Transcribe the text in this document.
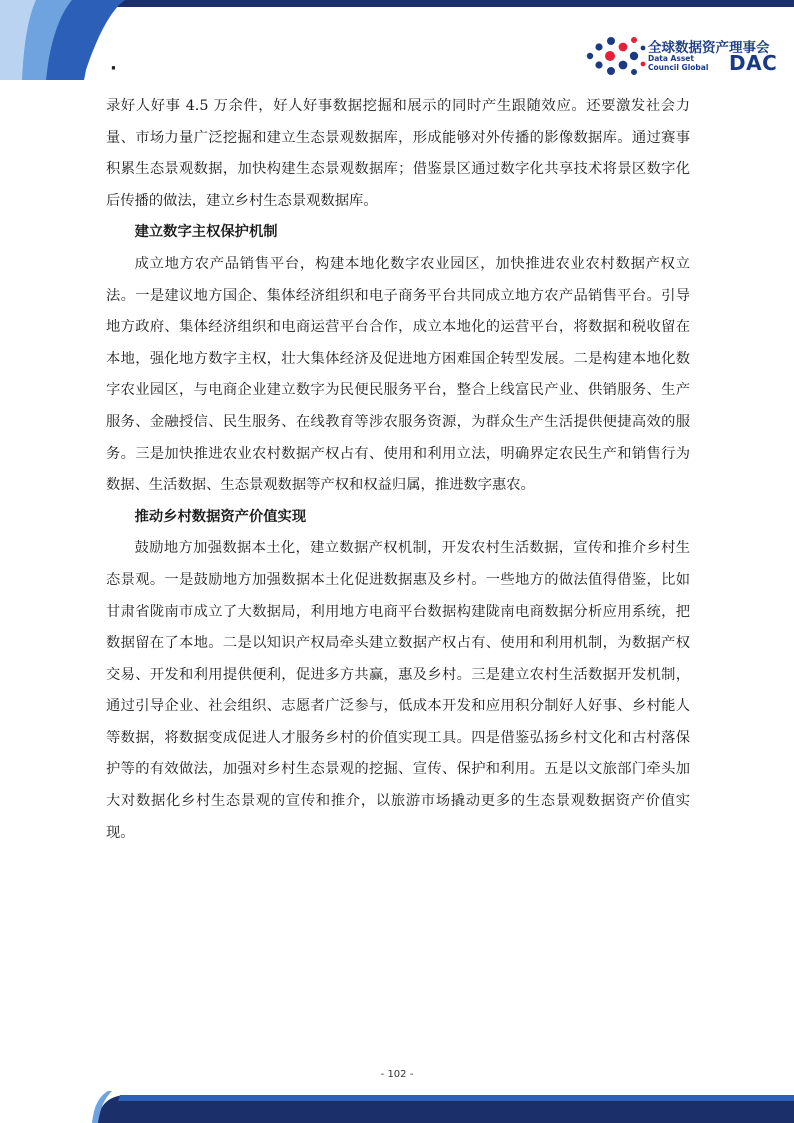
·
全球数据资产理事会
Data Asset
Council Global	DAC

录好人好事 4.5 万余件，好人好事数据挖掘和展示的同时产生跟随效应。还要激发社会力量、市场力量广泛挖掘和建立生态景观数据库，形成能够对外传播的影像数据库。通过赛事积累生态景观数据，加快构建生态景观数据库；借鉴景区通过数字化共享技术将景区数字化后传播的做法，建立乡村生态景观数据库。

建立数字主权保护机制

成立地方农产品销售平台，构建本地化数字农业园区，加快推进农业农村数据产权立法。一是建议地方国企、集体经济组织和电子商务平台共同成立地方农产品销售平台。引导地方政府、集体经济组织和电商运营平台合作，成立本地化的运营平台，将数据和税收留在本地，强化地方数字主权，壮大集体经济及促进地方困难国企转型发展。二是构建本地化数字农业园区，与电商企业建立数字为民便民服务平台，整合上线富民产业、供销服务、生产服务、金融授信、民生服务、在线教育等涉农服务资源，为群众生产生活提供便捷高效的服务。三是加快推进农业农村数据产权占有、使用和利用立法，明确界定农民生产和销售行为数据、生活数据、生态景观数据等产权和权益归属，推进数字惠农。

推动乡村数据资产价值实现

鼓励地方加强数据本土化，建立数据产权机制，开发农村生活数据，宣传和推介乡村生态景观。一是鼓励地方加强数据本土化促进数据惠及乡村。一些地方的做法值得借鉴，比如甘肃省陇南市成立了大数据局，利用地方电商平台数据构建陇南电商数据分析应用系统，把数据留在了本地。二是以知识产权局牵头建立数据产权占有、使用和利用机制，为数据产权交易、开发和利用提供便利，促进多方共赢，惠及乡村。三是建立农村生活数据开发机制，通过引导企业、社会组织、志愿者广泛参与，低成本开发和应用积分制好人好事、乡村能人等数据，将数据变成促进人才服务乡村的价值实现工具。四是借鉴弘扬乡村文化和古村落保护等的有效做法，加强对乡村生态景观的挖掘、宣传、保护和利用。五是以文旅部门牵头加大对数据化乡村生态景观的宣传和推介，以旅游市场撬动更多的生态景观数据资产价值实现。

- 102 -
